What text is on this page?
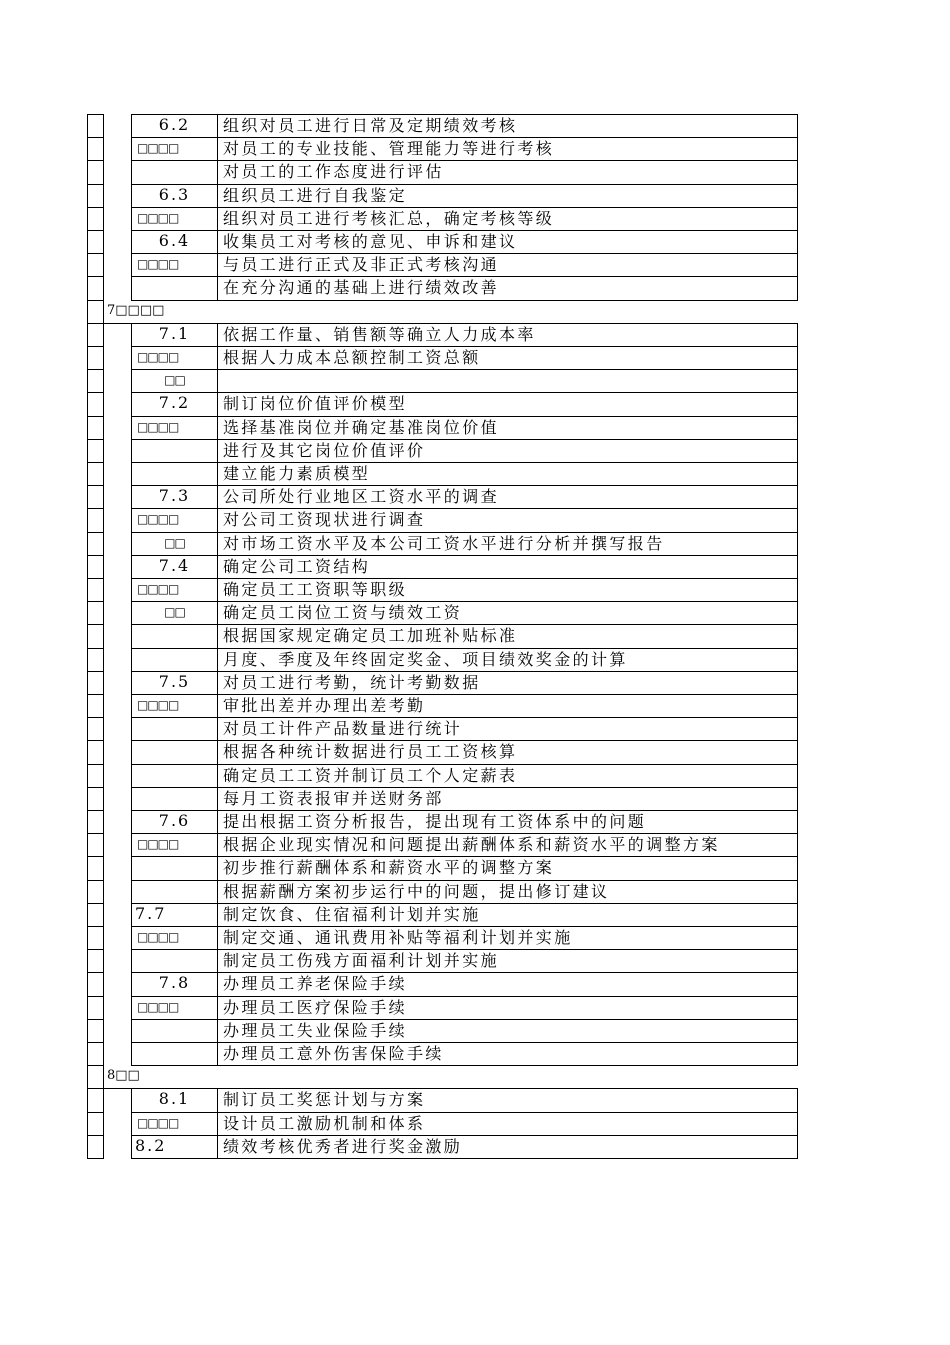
6.2	组织对员工进行日常及定期绩效考核
□□□□	对员工的专业技能、管理能力等进行考核
对员工的工作态度进行评估
6.3	组织员工进行自我鉴定
□□□□	组织对员工进行考核汇总，确定考核等级
6.4	收集员工对考核的意见、申诉和建议
□□□□	与员工进行正式及非正式考核沟通
在充分沟通的基础上进行绩效改善
7□□□□
7.1	依据工作量、销售额等确立人力成本率
□□□□	根据人力成本总额控制工资总额
□□
7.2	制订岗位价值评价模型
□□□□	选择基准岗位并确定基准岗位价值
进行及其它岗位价值评价
建立能力素质模型
7.3	公司所处行业地区工资水平的调查
□□□□	对公司工资现状进行调查
□□	对市场工资水平及本公司工资水平进行分析并撰写报告
7.4	确定公司工资结构
□□□□	确定员工工资职等职级
□□	确定员工岗位工资与绩效工资
根据国家规定确定员工加班补贴标准
月度、季度及年终固定奖金、项目绩效奖金的计算
7.5	对员工进行考勤，统计考勤数据
□□□□	审批出差并办理出差考勤
对员工计件产品数量进行统计
根据各种统计数据进行员工工资核算
确定员工工资并制订员工个人定薪表
每月工资表报审并送财务部
7.6	提出根据工资分析报告，提出现有工资体系中的问题
□□□□	根据企业现实情况和问题提出薪酬体系和薪资水平的调整方案
初步推行薪酬体系和薪资水平的调整方案
根据薪酬方案初步运行中的问题，提出修订建议
7.7	制定饮食、住宿福利计划并实施
□□□□	制定交通、通讯费用补贴等福利计划并实施
制定员工伤残方面福利计划并实施
7.8	办理员工养老保险手续
□□□□	办理员工医疗保险手续
办理员工失业保险手续
办理员工意外伤害保险手续
8□□
8.1	制订员工奖惩计划与方案
□□□□	设计员工激励机制和体系
8.2	绩效考核优秀者进行奖金激励
